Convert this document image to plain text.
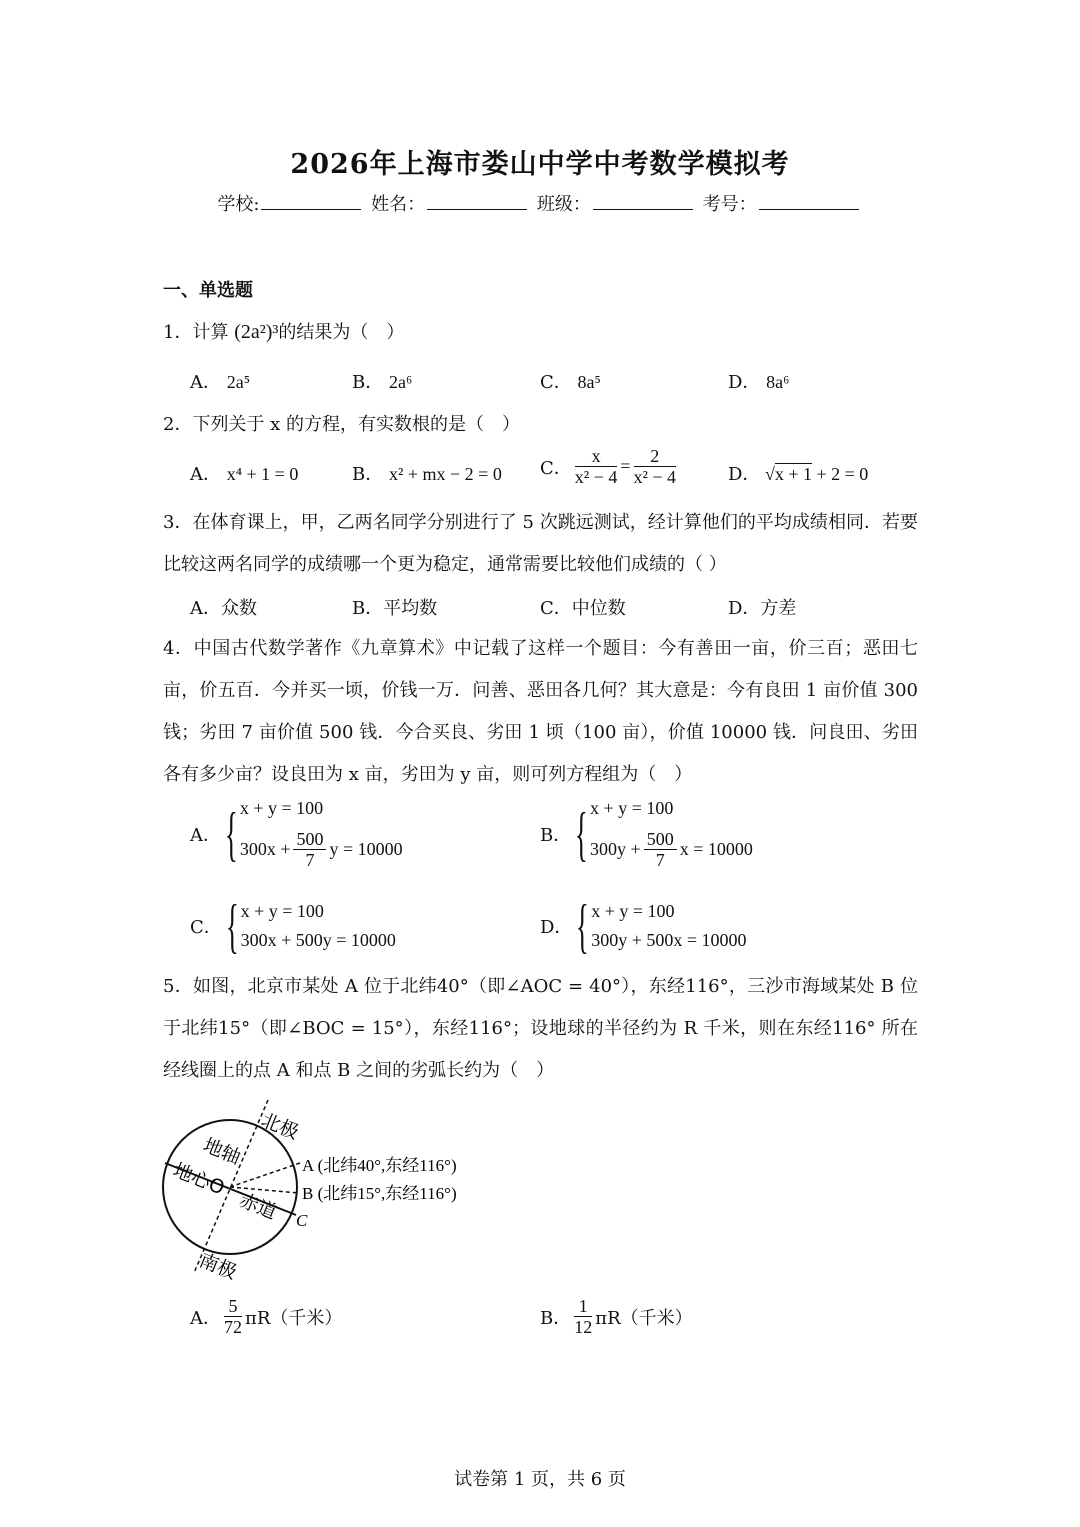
2026年上海市娄山中学中考数学模拟考
学校:	姓名：	班级：	考号：
一、单选题
1．计算 (2a²)³的结果为（　）
A． 2a⁵	B． 2a⁶	C． 8a⁵	D． 8a⁶
2．下列关于 x 的方程，有实数根的是（　）
A． x⁴ + 1 = 0	B． x² + mx − 2 = 0 C． $\frac{x}{\text{x² − 4}} = \frac{2}{\text{x² − 4}}$	D． √x + 1 + 2 = 0
3．在体育课上，甲，乙两名同学分别进行了 5 次跳远测试，经计算他们的平均成绩相同．若要比较这两名同学的成绩哪一个更为稳定，通常需要比较他们成绩的（ ）
A．众数	B．平均数	C．中位数	D．方差
4．中国古代数学著作《九章算术》中记载了这样一个题目：今有善田一亩，价三百；恶田七亩，价五百．今并买一顷，价钱一万．问善、恶田各几何？其大意是：今有良田 1 亩价值 300 钱；劣田 7 亩价值 500 钱．今合买良、劣田 1 顷（100 亩），价值 10000 钱．问良田、劣田各有多少亩？设良田为 x 亩，劣田为 y 亩，则可列方程组为（　）
A． { x + y = 100
$300x + \frac{500}{7}$ y = 10000
B． { x + y = 100
$300y + \frac{500}{7}$ x = 10000
C． { x + y = 100
300x + 500y = 10000
D． { x + y = 100
300y + 500x = 10000
5．如图，北京市某处 A 位于北纬40°（即∠AOC = 40°），东经116°，三沙市海域某处 B 位于北纬15°（即∠BOC = 15°），东经116°；设地球的半径约为 R 千米，则在东经116° 所在经线圈上的点 A 和点 B 之间的劣弧长约为（　）
北极
地轴
地心O
赤道
南极
A (北纬40°,东经116°)
B (北纬15°,东经116°)
C
A． $\frac{5}{72} \pi R$（千米）	B． $\frac{1}{12} \pi R$（千米）
试卷第 1 页，共 6 页
